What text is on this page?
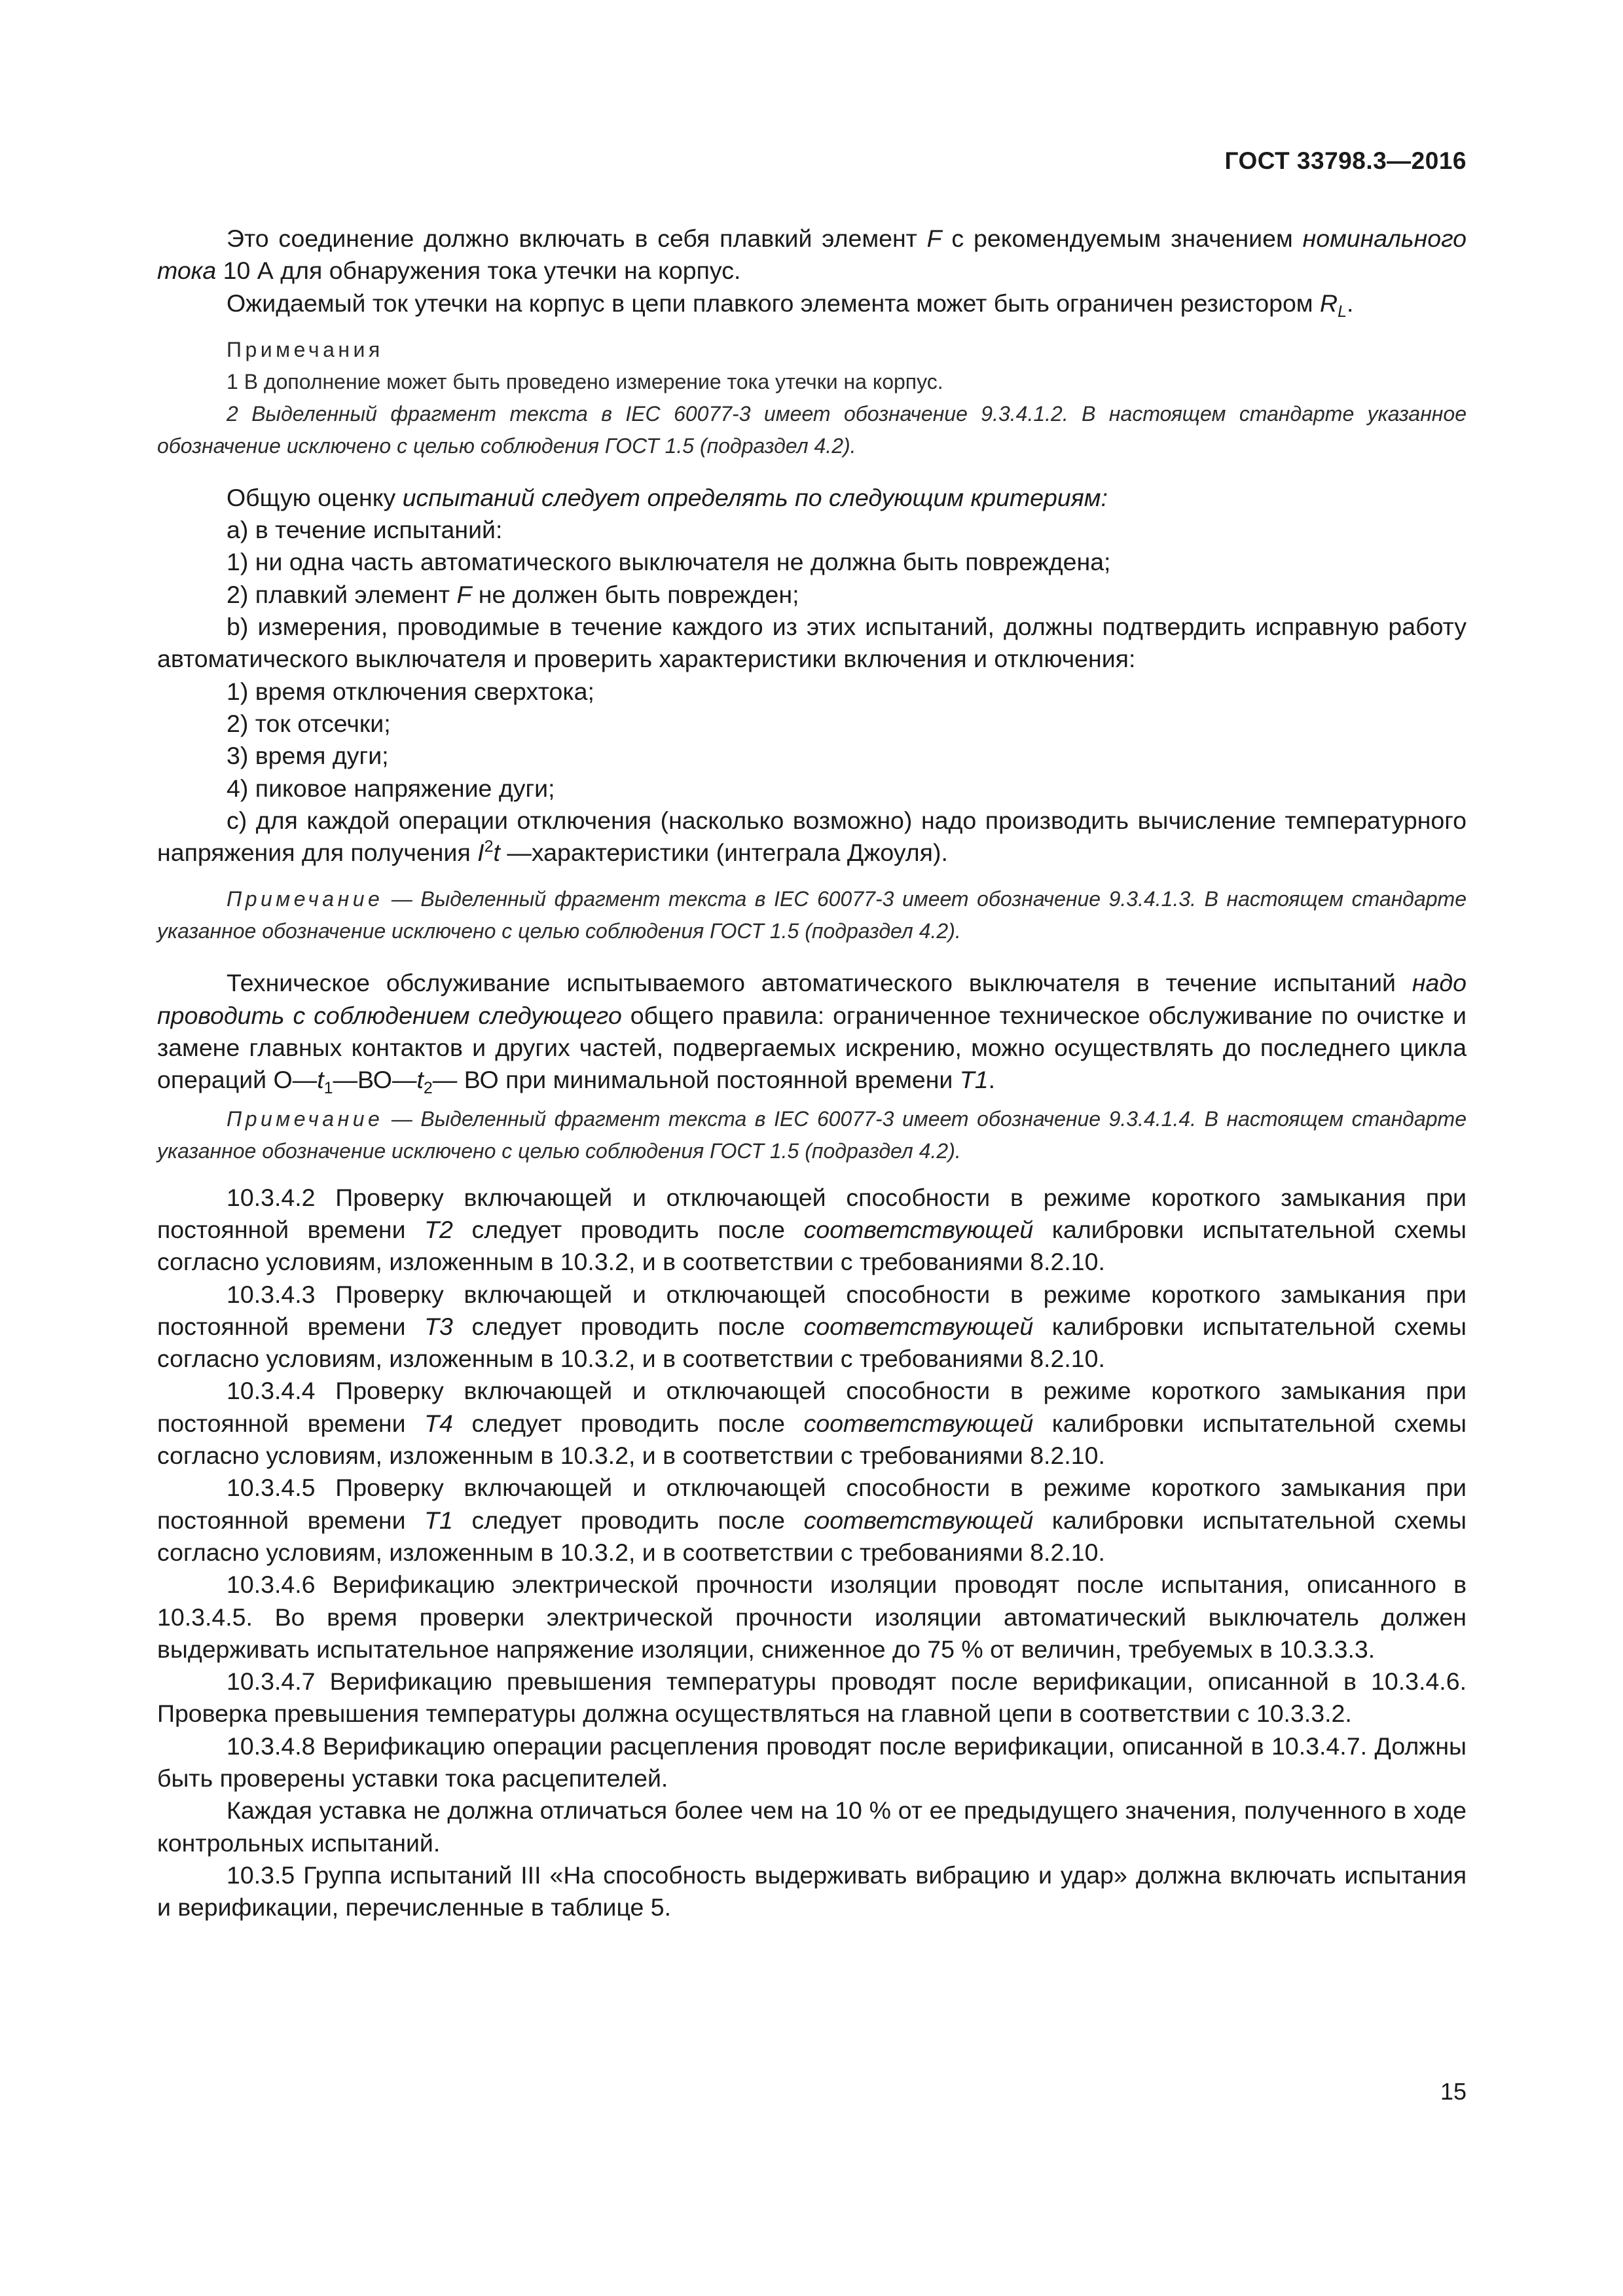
ГОСТ 33798.3—2016

Это соединение должно включать в себя плавкий элемент F с рекомендуемым значением номинального тока 10 А для обнаружения тока утечки на корпус.

Ожидаемый ток утечки на корпус в цепи плавкого элемента может быть ограничен резистором $R_L$.

Примечания

1 В дополнение может быть проведено измерение тока утечки на корпус.

2 Выделенный фрагмент текста в IEC 60077-3 имеет обозначение 9.3.4.1.2. В настоящем стандарте указанное обозначение исключено с целью соблюдения ГОСТ 1.5 (подраздел 4.2).

Общую оценку испытаний следует определять по следующим критериям:

а) в течение испытаний:

1) ни одна часть автоматического выключателя не должна быть повреждена;

2) плавкий элемент F не должен быть поврежден;

b) измерения, проводимые в течение каждого из этих испытаний, должны подтвердить исправную работу автоматического выключателя и проверить характеристики включения и отключения:

1) время отключения сверхтока;

2) ток отсечки;

3) время дуги;

4) пиковое напряжение дуги;

с) для каждой операции отключения (насколько возможно) надо производить вычисление температурного напряжения для получения $I^2t$ —характеристики (интеграла Джоуля).

Примечание — Выделенный фрагмент текста в IEC 60077-3 имеет обозначение 9.3.4.1.3. В настоящем стандарте указанное обозначение исключено с целью соблюдения ГОСТ 1.5 (подраздел 4.2).

Техническое обслуживание испытываемого автоматического выключателя в течение испытаний надо проводить с соблюдением следующего общего правила: ограниченное техническое обслуживание по очистке и замене главных контактов и других частей, подвергаемых искрению, можно осуществлять до последнего цикла операций $О—t_1—ВО—t_2—$ ВО при минимальной постоянной времени Т1.

Примечание — Выделенный фрагмент текста в IEC 60077-3 имеет обозначение 9.3.4.1.4. В настоящем стандарте указанное обозначение исключено с целью соблюдения ГОСТ 1.5 (подраздел 4.2).

10.3.4.2 Проверку включающей и отключающей способности в режиме короткого замыкания при постоянной времени Т2 следует проводить после соответствующей калибровки испытательной схемы согласно условиям, изложенным в 10.3.2, и в соответствии с требованиями 8.2.10.

10.3.4.3 Проверку включающей и отключающей способности в режиме короткого замыкания при постоянной времени Т3 следует проводить после соответствующей калибровки испытательной схемы согласно условиям, изложенным в 10.3.2, и в соответствии с требованиями 8.2.10.

10.3.4.4 Проверку включающей и отключающей способности в режиме короткого замыкания при постоянной времени Т4 следует проводить после соответствующей калибровки испытательной схемы согласно условиям, изложенным в 10.3.2, и в соответствии с требованиями 8.2.10.

10.3.4.5 Проверку включающей и отключающей способности в режиме короткого замыкания при постоянной времени Т1 следует проводить после соответствующей калибровки испытательной схемы согласно условиям, изложенным в 10.3.2, и в соответствии с требованиями 8.2.10.

10.3.4.6 Верификацию электрической прочности изоляции проводят после испытания, описанного в 10.3.4.5. Во время проверки электрической прочности изоляции автоматический выключатель должен выдерживать испытательное напряжение изоляции, сниженное до 75 % от величин, требуемых в 10.3.3.3.

10.3.4.7 Верификацию превышения температуры проводят после верификации, описанной в 10.3.4.6. Проверка превышения температуры должна осуществляться на главной цепи в соответствии с 10.3.3.2.

10.3.4.8 Верификацию операции расцепления проводят после верификации, описанной в 10.3.4.7. Должны быть проверены уставки тока расцепителей.

Каждая уставка не должна отличаться более чем на 10 % от ее предыдущего значения, полученного в ходе контрольных испытаний.

10.3.5 Группа испытаний III «На способность выдерживать вибрацию и удар» должна включать испытания и верификации, перечисленные в таблице 5.

15
